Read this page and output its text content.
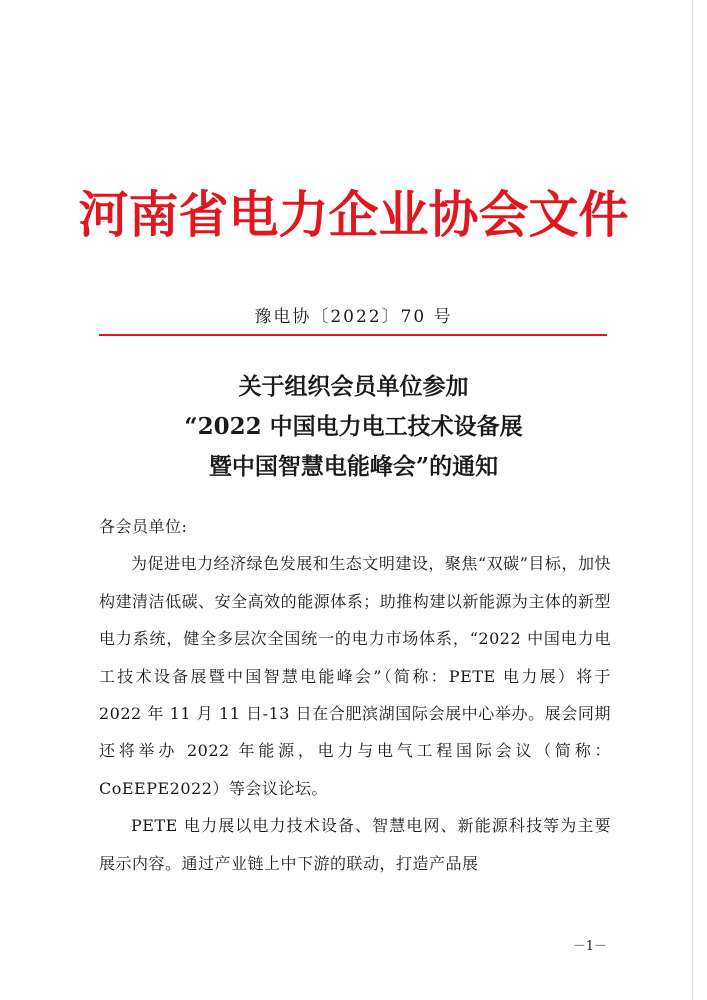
河南省电力企业协会文件
豫电协〔2022〕70 号
关于组织会员单位参加
“2022 中国电力电工技术设备展
暨中国智慧电能峰会”的通知

各会员单位:

为促进电力经济绿色发展和生态文明建设，聚焦“双碳”目标，加快构建清洁低碳、安全高效的能源体系；助推构建以新能源为主体的新型电力系统，健全多层次全国统一的电力市场体系，“2022 中国电力电工技术设备展暨中国智慧电能峰会”（简称：PETE 电力展）将于 2022 年 11 月 11 日-13 日在合肥滨湖国际会展中心举办。展会同期还将举办 2022 年能源，电力与电气工程国际会议（简称：CoEEPE2022）等会议论坛。

PETE 电力展以电力技术设备、智慧电网、新能源科技等为主要展示内容。通过产业链上中下游的联动，打造产品展

－1－
